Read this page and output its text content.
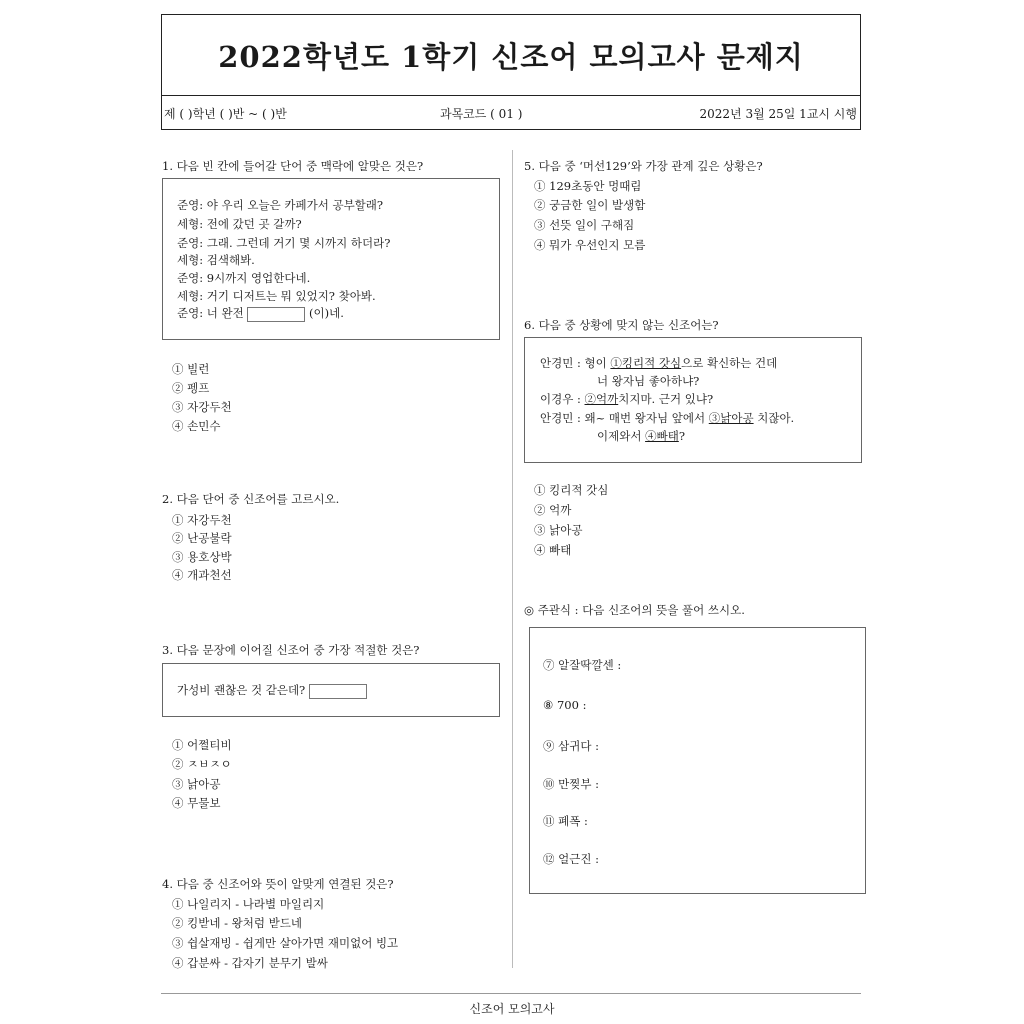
2022학년도 1학기 신조어 모의고사 문제지
제 ( )학년 ( )반 ~ ( )반	과목코드 ( 01 )	2022년 3월 25일 1교시 시행
1. 다음 빈 칸에 들어갈 단어 중 맥락에 알맞은 것은?
준영: 야 우리 오늘은 카페가서 공부할래?
세형: 전에 갔던 곳 갈까?
준영: 그래. 그런데 거기 몇 시까지 하더라?
세형: 검색해봐.
준영: 9시까지 영업한다네.
세형: 거기 디저트는 뭐 있었지? 찾아봐.
준영: 너 완전	(이)네.
① 빌런
② 펭프
③ 자강두천
④ 손민수
2. 다음 단어 중 신조어를 고르시오.
① 자강두천
② 난공불락
③ 용호상박
④ 개과천선
3. 다음 문장에 이어질 신조어 중 가장 적절한 것은?
가성비 괜찮은 것 같은데?
① 어쩔티비
② ㅈㅂㅈㅇ
③ 낡아공
④ 무물보
4. 다음 중 신조어와 뜻이 알맞게 연결된 것은?
① 나일리지 - 나라별 마일리지
② 킹받네 - 왕처럼 받드네
③ 쉽살재빙 - 쉽게만 살아가면 재미없어 빙고
④ 갑분싸 - 갑자기 분무기 발싸
5. 다음 중 ‘머선129’와 가장 관계 깊은 상황은?
① 129초동안 멍때림
② 궁금한 일이 발생함
③ 선뜻 일이 구해짐
④ 뭐가 우선인지 모름
6. 다음 중 상황에 맞지 않는 신조어는?
안경민 : 형이 ①킹리적 갓심으로 확신하는 건데
너 왕자님 좋아하냐?
이경우 : ②억까치지마. 근거 있냐?
안경민 : 왜~ 매번 왕자님 앞에서 ③낡아공 치잖아.
이제와서 ④빠태?
① 킹리적 갓심
② 억까
③ 낡아공
④ 빠태
◎ 주관식 : 다음 신조어의 뜻을 풀어 쓰시오.
⑦ 알잘딱깔센 :
⑧ 700 :
⑨ 삼귀다 :
⑩ 만찢부 :
⑪ 폐폭 :
⑫ 얼근진 :
신조어 모의고사
